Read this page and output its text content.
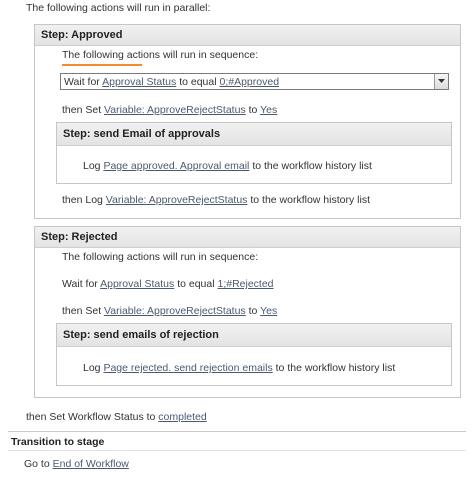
The following actions will run in parallel:
Step: Approved
The following actions will run in sequence:
Wait for Approval Status to equal 0;#Approved
then Set Variable: ApproveRejectStatus to Yes
Step: send Email of approvals
Log Page approved. Approval email to the workflow history list
then Log Variable: ApproveRejectStatus to the workflow history list
Step: Rejected
The following actions will run in sequence:
Wait for Approval Status to equal 1;#Rejected
then Set Variable: ApproveRejectStatus to Yes
Step: send emails of rejection
Log Page rejected. send rejection emails to the workflow history list
then Set Workflow Status to completed
Transition to stage
Go to End of Workflow
